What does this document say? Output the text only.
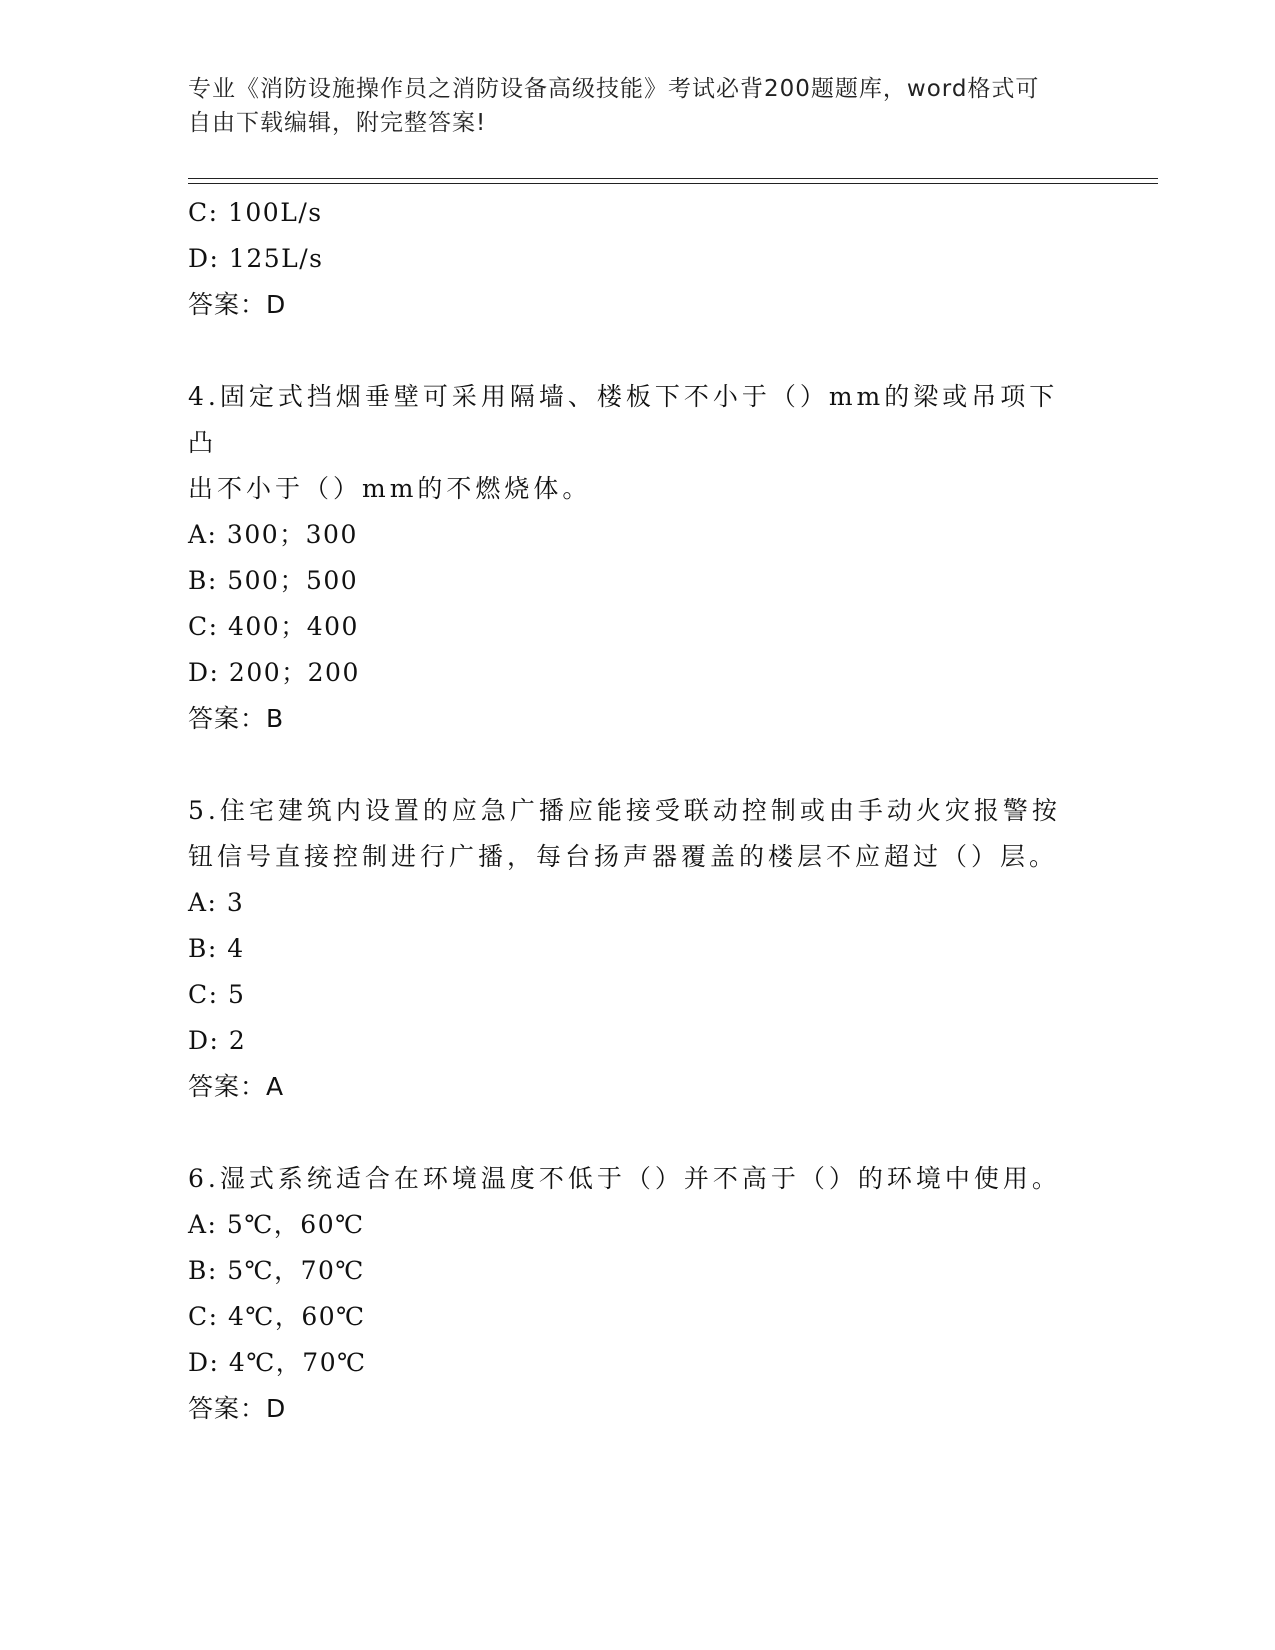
专业《消防设施操作员之消防设备高级技能》考试必背200题题库，word格式可
自由下载编辑，附完整答案!
C: 100L/s
D: 125L/s
答案：D
4.固定式挡烟垂壁可采用隔墙、楼板下不小于（）mm的梁或吊项下凸
出不小于（）mm的不燃烧体。
A: 300；300
B: 500；500
C: 400；400
D: 200；200
答案：B
5.住宅建筑内设置的应急广播应能接受联动控制或由手动火灾报警按
钮信号直接控制进行广播，每台扬声器覆盖的楼层不应超过（）层。
A: 3
B: 4
C: 5
D: 2
答案：A
6.湿式系统适合在环境温度不低于（）并不高于（）的环境中使用。
A: 5℃，60℃
B: 5℃，70℃
C: 4℃，60℃
D: 4℃，70℃
答案：D
